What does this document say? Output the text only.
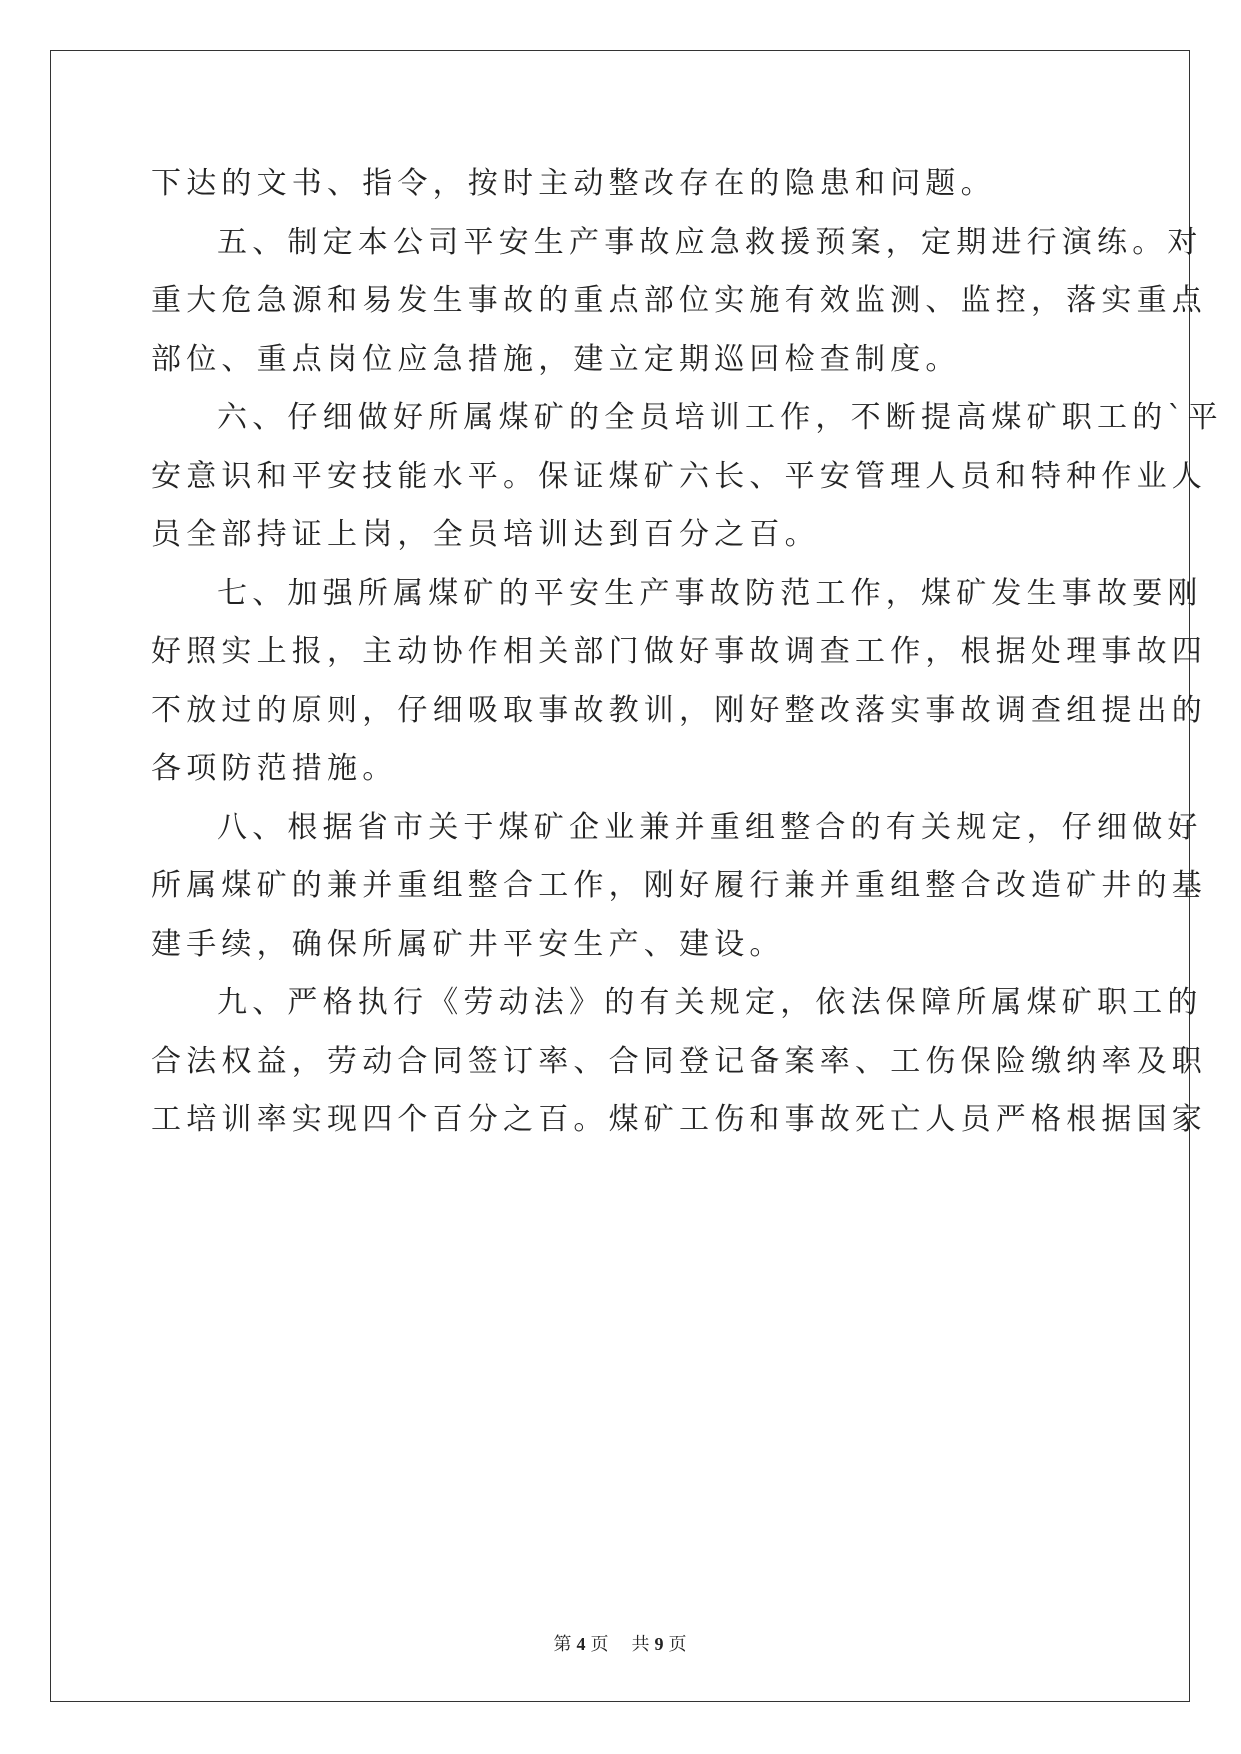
下达的文书、指令，按时主动整改存在的隐患和问题。
五、制定本公司平安生产事故应急救援预案，定期进行演练。对
重大危急源和易发生事故的重点部位实施有效监测、监控，落实重点
部位、重点岗位应急措施，建立定期巡回检查制度。
六、仔细做好所属煤矿的全员培训工作，不断提高煤矿职工的`平
安意识和平安技能水平。保证煤矿六长、平安管理人员和特种作业人
员全部持证上岗，全员培训达到百分之百。
七、加强所属煤矿的平安生产事故防范工作，煤矿发生事故要刚
好照实上报，主动协作相关部门做好事故调查工作，根据处理事故四
不放过的原则，仔细吸取事故教训，刚好整改落实事故调查组提出的
各项防范措施。
八、根据省市关于煤矿企业兼并重组整合的有关规定，仔细做好
所属煤矿的兼并重组整合工作，刚好履行兼并重组整合改造矿井的基
建手续，确保所属矿井平安生产、建设。
九、严格执行《劳动法》的有关规定，依法保障所属煤矿职工的
合法权益，劳动合同签订率、合同登记备案率、工伤保险缴纳率及职
工培训率实现四个百分之百。煤矿工伤和事故死亡人员严格根据国家
第 4 页 共 9 页
